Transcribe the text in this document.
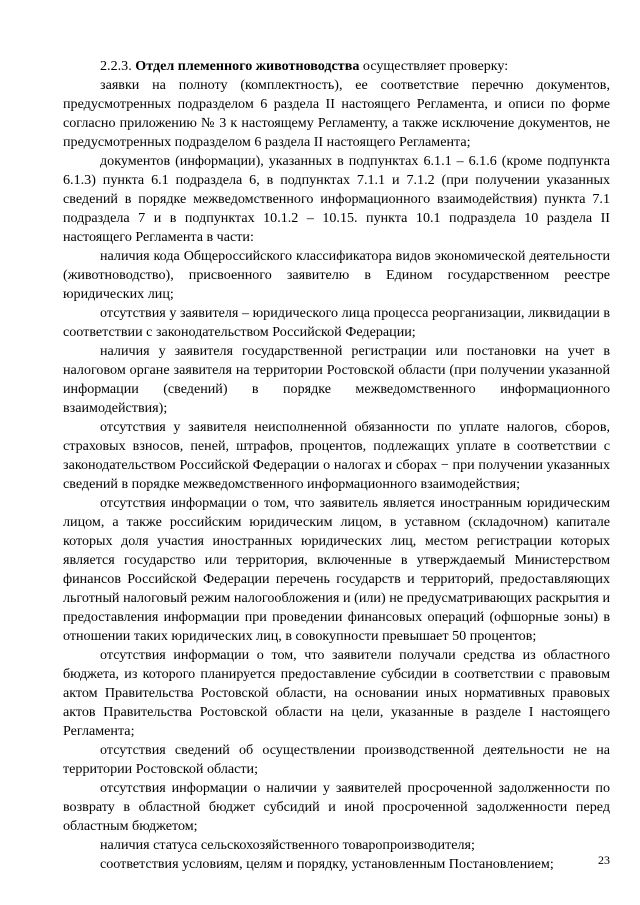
2.2.3. Отдел племенного животноводства осуществляет проверку:

заявки на полноту (комплектность), ее соответствие перечню документов, предусмотренных подразделом 6 раздела II настоящего Регламента, и описи по форме согласно приложению № 3 к настоящему Регламенту, а также исключение документов, не предусмотренных подразделом 6 раздела II настоящего Регламента;

документов (информации), указанных в подпунктах 6.1.1 – 6.1.6 (кроме подпункта 6.1.3) пункта 6.1 подраздела 6, в подпунктах 7.1.1 и 7.1.2 (при получении указанных сведений в порядке межведомственного информационного взаимодействия) пункта 7.1 подраздела 7 и в подпунктах 10.1.2 – 10.15. пункта 10.1 подраздела 10 раздела II настоящего Регламента в части:

наличия кода Общероссийского классификатора видов экономической деятельности (животноводство), присвоенного заявителю в Едином государственном реестре юридических лиц;

отсутствия у заявителя – юридического лица процесса реорганизации, ликвидации в соответствии с законодательством Российской Федерации;

наличия у заявителя государственной регистрации или постановки на учет в налоговом органе заявителя на территории Ростовской области (при получении указанной информации (сведений) в порядке межведомственного информационного взаимодействия);

отсутствия у заявителя неисполненной обязанности по уплате налогов, сборов, страховых взносов, пеней, штрафов, процентов, подлежащих уплате в соответствии с законодательством Российской Федерации о налогах и сборах − при получении указанных сведений в порядке межведомственного информационного взаимодействия;

отсутствия информации о том, что заявитель является иностранным юридическим лицом, а также российским юридическим лицом, в уставном (складочном) капитале которых доля участия иностранных юридических лиц, местом регистрации которых является государство или территория, включенные в утверждаемый Министерством финансов Российской Федерации перечень государств и территорий, предоставляющих льготный налоговый режим налогообложения и (или) не предусматривающих раскрытия и предоставления информации при проведении финансовых операций (офшорные зоны) в отношении таких юридических лиц, в совокупности превышает 50 процентов;

отсутствия информации о том, что заявители получали средства из областного бюджета, из которого планируется предоставление субсидии в соответствии с правовым актом Правительства Ростовской области, на основании иных нормативных правовых актов Правительства Ростовской области на цели, указанные в разделе I настоящего Регламента;

отсутствия сведений об осуществлении производственной деятельности не на территории Ростовской области;

отсутствия информации о наличии у заявителей просроченной задолженности по возврату в областной бюджет субсидий и иной просроченной задолженности перед областным бюджетом;

наличия статуса сельскохозяйственного товаропроизводителя;

соответствия условиям, целям и порядку, установленным Постановлением;	23
